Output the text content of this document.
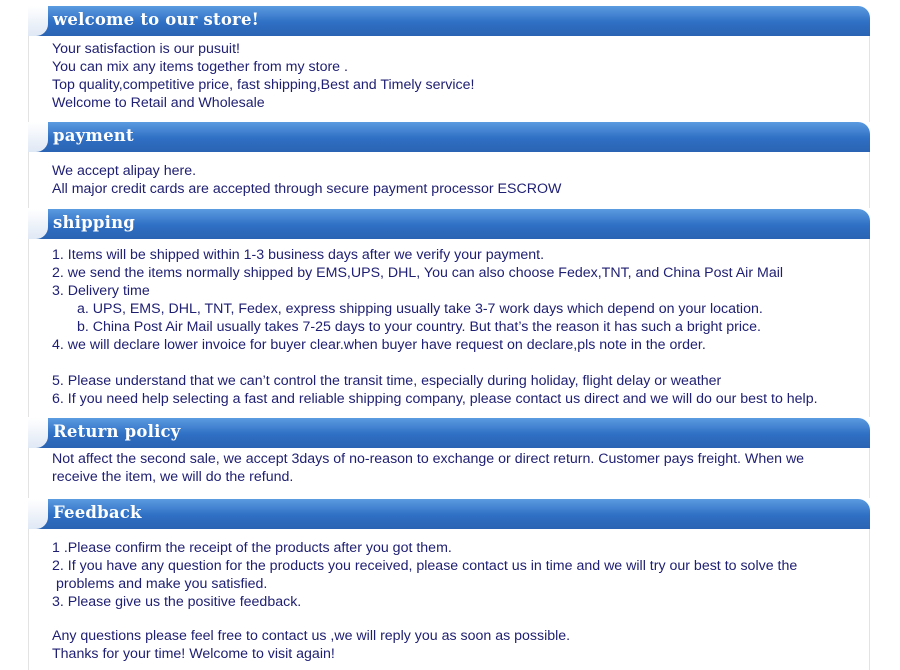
welcome to our store!
Your satisfaction is our pusuit!
You can mix any items together from my store .
Top quality,competitive price, fast shipping,Best and Timely service!
Welcome to Retail and Wholesale
payment
We accept alipay here.
All major credit cards are accepted through secure payment processor ESCROW
shipping
1. Items will be shipped within 1-3 business days after we verify your payment.
2. we send the items normally shipped by EMS,UPS, DHL, You can also choose Fedex,TNT, and China Post Air Mail
3. Delivery time
a. UPS, EMS, DHL, TNT, Fedex, express shipping usually take 3-7 work days which depend on your location.
b. China Post Air Mail usually takes 7-25 days to your country. But that’s the reason it has such a bright price.
4. we will declare lower invoice for buyer clear.when buyer have request on declare,pls note in the order.
5. Please understand that we can’t control the transit time, especially during holiday, flight delay or weather
6. If you need help selecting a fast and reliable shipping company, please contact us direct and we will do our best to help.
Return policy
Not affect the second sale, we accept 3days of no-reason to exchange or direct return. Customer pays freight. When we
receive the item, we will do the refund.
Feedback
1 .Please confirm the receipt of the products after you got them.
2. If you have any question for the products you received, please contact us in time and we will try our best to solve the
problems and make you satisfied.
3. Please give us the positive feedback.
Any questions please feel free to contact us ,we will reply you as soon as possible.
Thanks for your time! Welcome to visit again!
